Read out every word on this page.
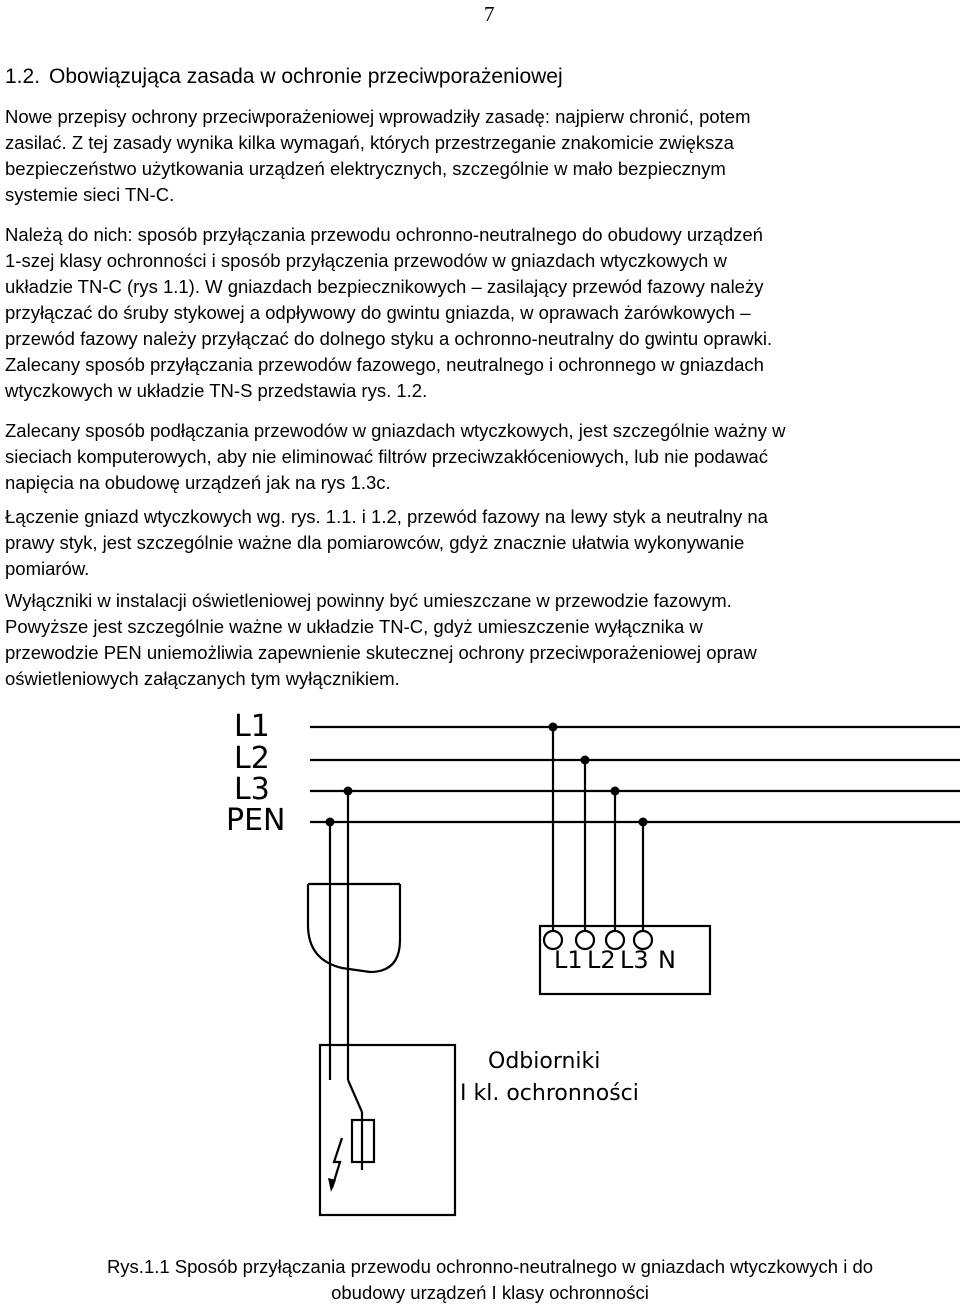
7
1.2. Obowiązująca zasada w ochronie przeciwporażeniowej

Nowe przepisy ochrony przeciwporażeniowej wprowadziły zasadę: najpierw chronić, potem
zasilać. Z tej zasady wynika kilka wymagań, których przestrzeganie znakomicie zwiększa
bezpieczeństwo użytkowania urządzeń elektrycznych, szczególnie w mało bezpiecznym
systemie sieci TN-C.

Należą do nich: sposób przyłączania przewodu ochronno-neutralnego do obudowy urządzeń
1-szej klasy ochronności i sposób przyłączenia przewodów w gniazdach wtyczkowych w
układzie TN-C (rys 1.1). W gniazdach bezpiecznikowych – zasilający przewód fazowy należy
przyłączać do śruby stykowej a odpływowy do gwintu gniazda, w oprawach żarówkowych –
przewód fazowy należy przyłączać do dolnego styku a ochronno-neutralny do gwintu oprawki.
Zalecany sposób przyłączania przewodów fazowego, neutralnego i ochronnego w gniazdach
wtyczkowych w układzie TN-S przedstawia rys. 1.2.

Zalecany sposób podłączania przewodów w gniazdach wtyczkowych, jest szczególnie ważny w
sieciach komputerowych, aby nie eliminować filtrów przeciwzakłóceniowych, lub nie podawać
napięcia na obudowę urządzeń jak na rys 1.3c.

Łączenie gniazd wtyczkowych wg. rys. 1.1. i 1.2, przewód fazowy na lewy styk a neutralny na
prawy styk, jest szczególnie ważne dla pomiarowców, gdyż znacznie ułatwia wykonywanie
pomiarów.

Wyłączniki w instalacji oświetleniowej powinny być umieszczane w przewodzie fazowym.
Powyższe jest szczególnie ważne w układzie TN-C, gdyż umieszczenie wyłącznika w
przewodzie PEN uniemożliwia zapewnienie skutecznej ochrony przeciwporażeniowej opraw
oświetleniowych załączanych tym wyłącznikiem.

L1
L2
L3
PEN
L1 L2 L3 N
Odbiorniki
I kl. ochronności

Rys.1.1 Sposób przyłączania przewodu ochronno-neutralnego w gniazdach wtyczkowych i do
obudowy urządzeń I klasy ochronności
